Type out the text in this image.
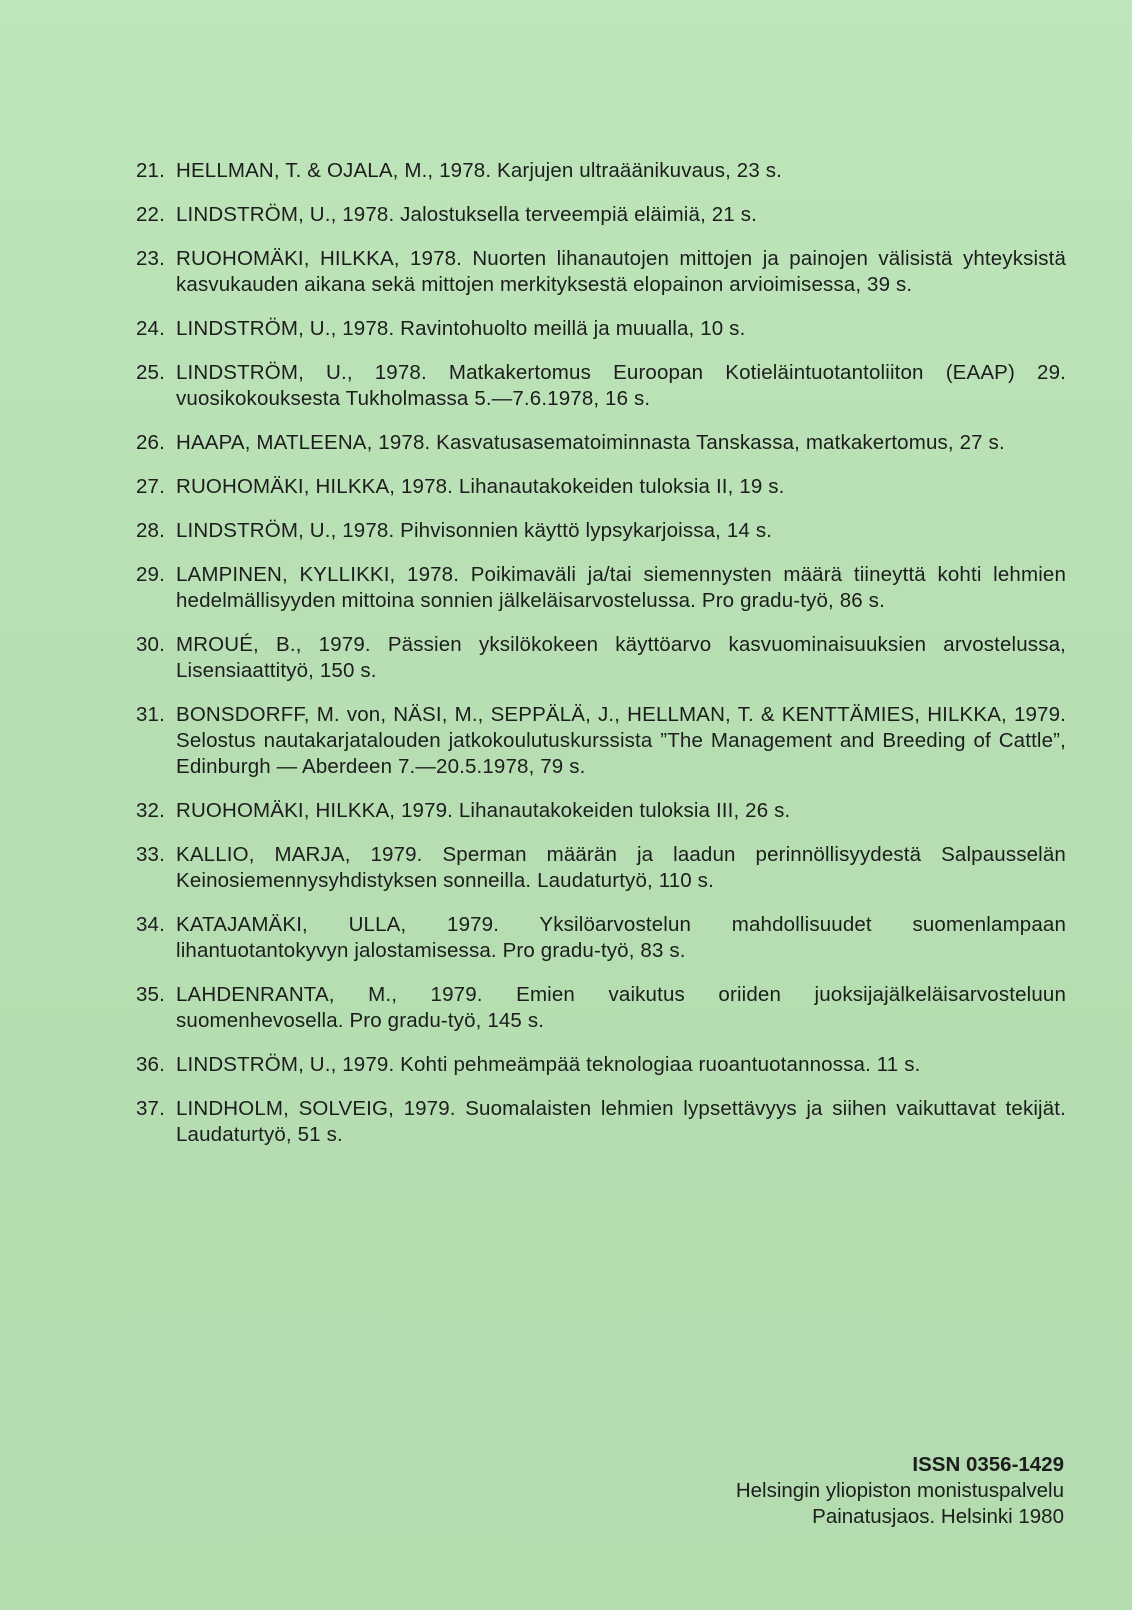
21. HELLMAN, T. & OJALA, M., 1978. Karjujen ultraäänikuvaus, 23 s.
22. LINDSTRÖM, U., 1978. Jalostuksella terveempiä eläimiä, 21 s.
23. RUOHOMÄKI, HILKKA, 1978. Nuorten lihanautojen mittojen ja painojen välisistä yhteyksistä kasvukauden aikana sekä mittojen merkityksestä elopainon arvioimisessa, 39 s.
24. LINDSTRÖM, U., 1978. Ravintohuolto meillä ja muualla, 10 s.
25. LINDSTRÖM, U., 1978. Matkakertomus Euroopan Kotieläintuotantoliiton (EAAP) 29. vuosikokouksesta Tukholmassa 5.—7.6.1978, 16 s.
26. HAAPA, MATLEENA, 1978. Kasvatusasematoiminnasta Tanskassa, matkakertomus, 27 s.
27. RUOHOMÄKI, HILKKA, 1978. Lihanautakokeiden tuloksia II, 19 s.
28. LINDSTRÖM, U., 1978. Pihvisonnien käyttö lypsykarjoissa, 14 s.
29. LAMPINEN, KYLLIKKI, 1978. Poikimaväli ja/tai siemennysten määrä tiineyttä kohti lehmien hedelmällisyyden mittoina sonnien jälkeläisarvostelussa. Pro gradu-työ, 86 s.
30. MROUÉ, B., 1979. Pässien yksilökokeen käyttöarvo kasvuominaisuuksien arvostelussa, Lisensiaattityö, 150 s.
31. BONSDORFF, M. von, NÄSI, M., SEPPÄLÄ, J., HELLMAN, T. & KENTTÄMIES, HILKKA, 1979. Selostus nautakarjatalouden jatkokoulutuskurssista ”The Management and Breeding of Cattle”, Edinburgh — Aberdeen 7.—20.5.1978, 79 s.
32. RUOHOMÄKI, HILKKA, 1979. Lihanautakokeiden tuloksia III, 26 s.
33. KALLIO, MARJA, 1979. Sperman määrän ja laadun perinnöllisyydestä Salpausselän Keinosiemennysyhdistyksen sonneilla. Laudaturtyö, 110 s.
34. KATAJAMÄKI, ULLA, 1979. Yksilöarvostelun mahdollisuudet suomenlampaan lihantuotantokyvyn jalostamisessa. Pro gradu-työ, 83 s.
35. LAHDENRANTA, M., 1979. Emien vaikutus oriiden juoksijajälkeläisarvosteluun suomenhevosella. Pro gradu-työ, 145 s.
36. LINDSTRÖM, U., 1979. Kohti pehmeämpää teknologiaa ruoantuotannossa. 11 s.
37. LINDHOLM, SOLVEIG, 1979. Suomalaisten lehmien lypsettävyys ja siihen vaikuttavat tekijät. Laudaturtyö, 51 s.
ISSN 0356-1429
Helsingin yliopiston monistuspalvelu
Painatusjaos. Helsinki 1980
